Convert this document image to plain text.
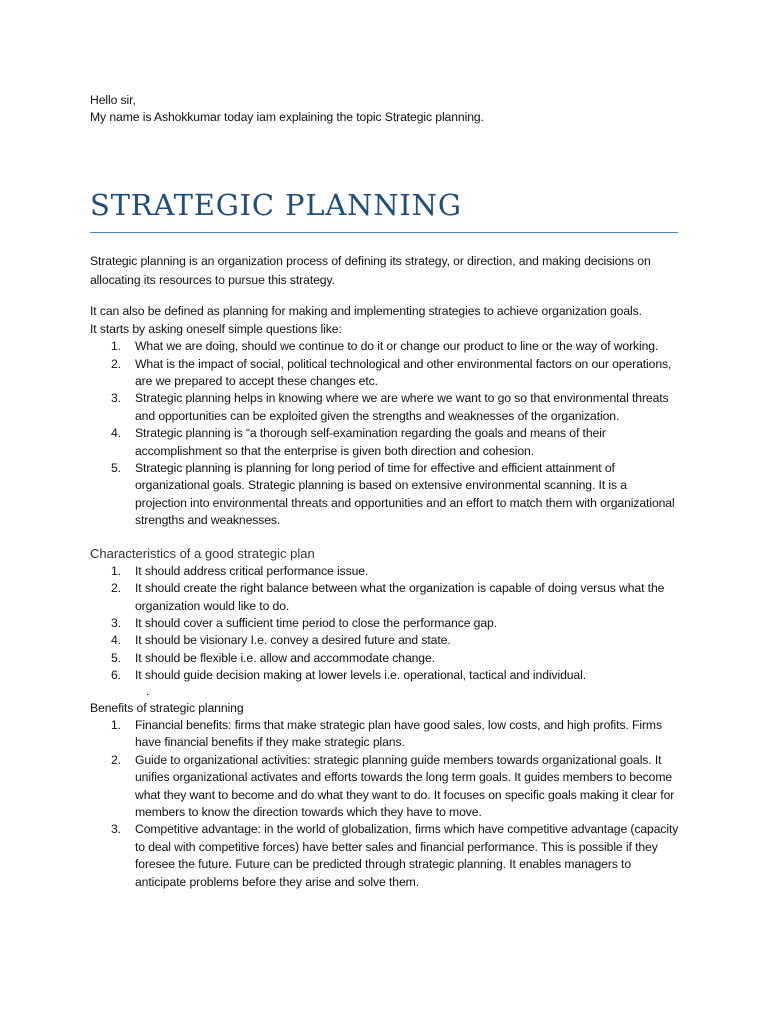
Hello sir,

My name is Ashokkumar today iam explaining the topic Strategic planning.

STRATEGIC PLANNING

Strategic planning is an organization process of defining its strategy, or direction, and making decisions on allocating its resources to pursue this strategy.

It can also be defined as planning for making and implementing strategies to achieve organization goals.

It starts by asking oneself simple questions like:

1. What we are doing, should we continue to do it or change our product to line or the way of working.
2. What is the impact of social, political technological and other environmental factors on our operations, are we prepared to accept these changes etc.
3. Strategic planning helps in knowing where we are where we want to go so that environmental threats and opportunities can be exploited given the strengths and weaknesses of the organization.
4. Strategic planning is “a thorough self-examination regarding the goals and means of their accomplishment so that the enterprise is given both direction and cohesion.
5. Strategic planning is planning for long period of time for effective and efficient attainment of organizational goals. Strategic planning is based on extensive environmental scanning. It is a projection into environmental threats and opportunities and an effort to match them with organizational strengths and weaknesses.

Characteristics of a good strategic plan

1. It should address critical performance issue.
2. It should create the right balance between what the organization is capable of doing versus what the organization would like to do.
3. It should cover a sufficient time period to close the performance gap.
4. It should be visionary I.e. convey a desired future and state.
5. It should be flexible i.e. allow and accommodate change.
6. It should guide decision making at lower levels i.e. operational, tactical and individual.

.

Benefits of strategic planning

1. Financial benefits: firms that make strategic plan have good sales, low costs, and high profits. Firms have financial benefits if they make strategic plans.
2. Guide to organizational activities: strategic planning guide members towards organizational goals. It unifies organizational activates and efforts towards the long term goals. It guides members to become what they want to become and do what they want to do. It focuses on specific goals making it clear for members to know the direction towards which they have to move.
3. Competitive advantage: in the world of globalization, firms which have competitive advantage (capacity to deal with competitive forces) have better sales and financial performance. This is possible if they foresee the future. Future can be predicted through strategic planning. It enables managers to anticipate problems before they arise and solve them.
